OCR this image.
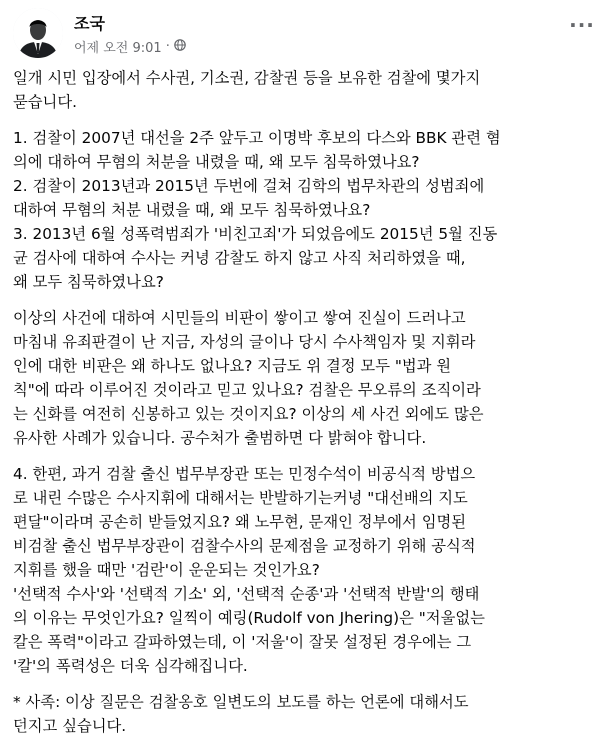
조국
어제 오전 9:01 ·
···

일개 시민 입장에서 수사권, 기소권, 감찰권 등을 보유한 검찰에 몇가지
묻습니다.

1. 검찰이 2007년 대선을 2주 앞두고 이명박 후보의 다스와 BBK 관련 혐
의에 대하여 무혐의 처분을 내렸을 때, 왜 모두 침묵하였나요?
2. 검찰이 2013년과 2015년 두번에 걸쳐 김학의 법무차관의 성범죄에
대하여 무혐의 처분 내렸을 때, 왜 모두 침묵하였나요?
3. 2013년 6월 성폭력범죄가 '비친고죄'가 되었음에도 2015년 5월 진동
균 검사에 대하여 수사는 커녕 감찰도 하지 않고 사직 처리하였을 때,
왜 모두 침묵하였나요?

이상의 사건에 대하여 시민들의 비판이 쌓이고 쌓여 진실이 드러나고
마침내 유죄판결이 난 지금, 자성의 글이나 당시 수사책임자 및 지휘라
인에 대한 비판은 왜 하나도 없나요? 지금도 위 결정 모두 "법과 원
칙"에 따라 이루어진 것이라고 믿고 있나요? 검찰은 무오류의 조직이라
는 신화를 여전히 신봉하고 있는 것이지요? 이상의 세 사건 외에도 많은
유사한 사례가 있습니다. 공수처가 출범하면 다 밝혀야 합니다.

4. 한편, 과거 검찰 출신 법무부장관 또는 민정수석이 비공식적 방법으
로 내린 수많은 수사지휘에 대해서는 반발하기는커녕 "대선배의 지도
편달"이라며 공손히 받들었지요? 왜 노무현, 문재인 정부에서 임명된
비검찰 출신 법무부장관이 검찰수사의 문제점을 교정하기 위해 공식적
지휘를 했을 때만 '검란'이 운운되는 것인가요?
'선택적 수사'와 '선택적 기소' 외, '선택적 순종'과 '선택적 반발'의 행태
의 이유는 무엇인가요? 일찍이 예링(Rudolf von Jhering)은 "저울없는
칼은 폭력"이라고 갈파하였는데, 이 '저울'이 잘못 설정된 경우에는 그
'칼'의 폭력성은 더욱 심각해집니다.

* 사족: 이상 질문은 검찰옹호 일변도의 보도를 하는 언론에 대해서도
던지고 싶습니다.
